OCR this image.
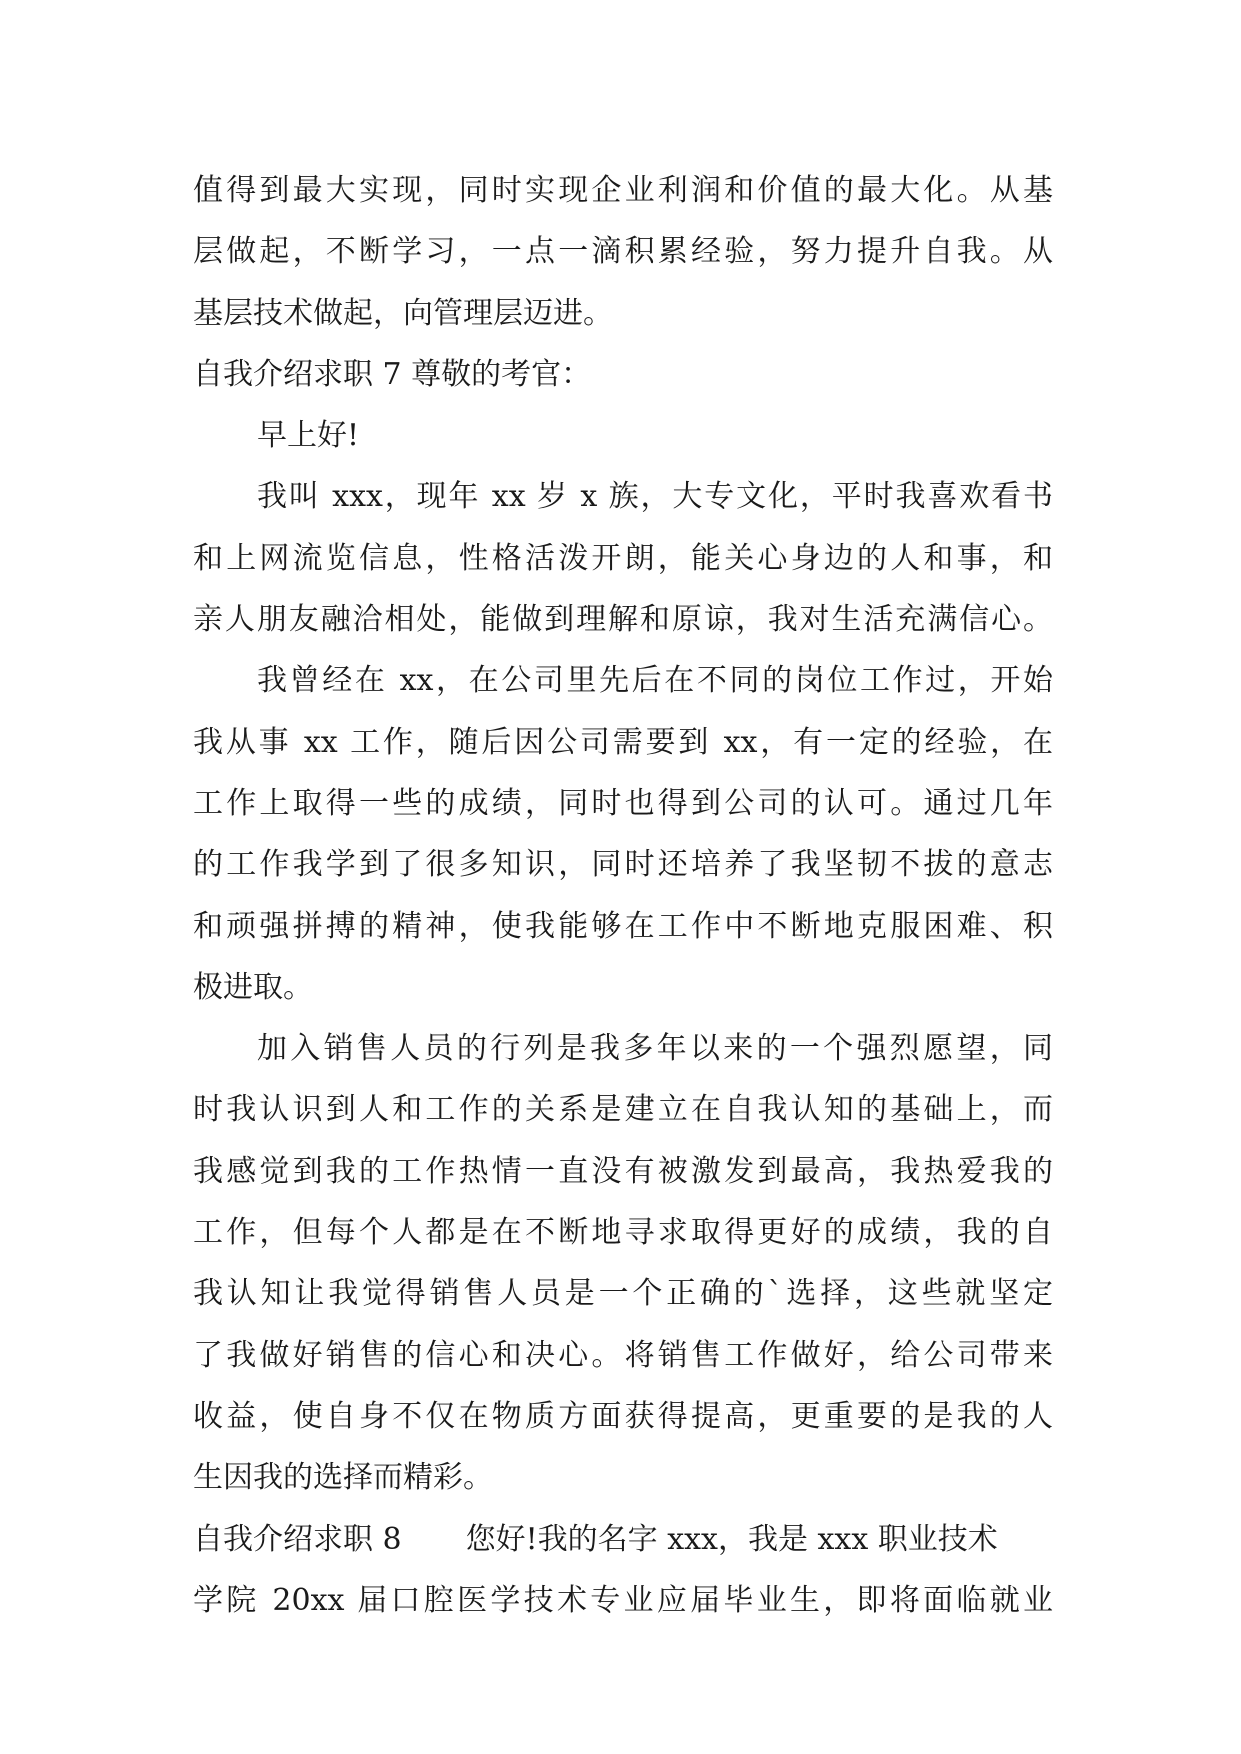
值得到最大实现，同时实现企业利润和价值的最大化。从基
层做起，不断学习，一点一滴积累经验，努力提升自我。从
基层技术做起，向管理层迈进。
自我介绍求职 7 尊敬的考官：
早上好!
我叫 xxx，现年 xx 岁 x 族，大专文化，平时我喜欢看书
和上网流览信息，性格活泼开朗，能关心身边的人和事，和
亲人朋友融洽相处，能做到理解和原谅，我对生活充满信心。
我曾经在 xx，在公司里先后在不同的岗位工作过，开始
我从事 xx 工作，随后因公司需要到 xx，有一定的经验，在
工作上取得一些的成绩，同时也得到公司的认可。通过几年
的工作我学到了很多知识，同时还培养了我坚韧不拔的意志
和顽强拼搏的精神，使我能够在工作中不断地克服困难、积
极进取。
加入销售人员的行列是我多年以来的一个强烈愿望，同
时我认识到人和工作的关系是建立在自我认知的基础上，而
我感觉到我的工作热情一直没有被激发到最高，我热爱我的
工作，但每个人都是在不断地寻求取得更好的成绩，我的自
我认知让我觉得销售人员是一个正确的`选择，这些就坚定
了我做好销售的信心和决心。将销售工作做好，给公司带来
收益，使自身不仅在物质方面获得提高，更重要的是我的人
生因我的选择而精彩。
自我介绍求职 8 您好!我的名字 xxx，我是 xxx 职业技术
学院 20xx 届口腔医学技术专业应届毕业生，即将面临就业
